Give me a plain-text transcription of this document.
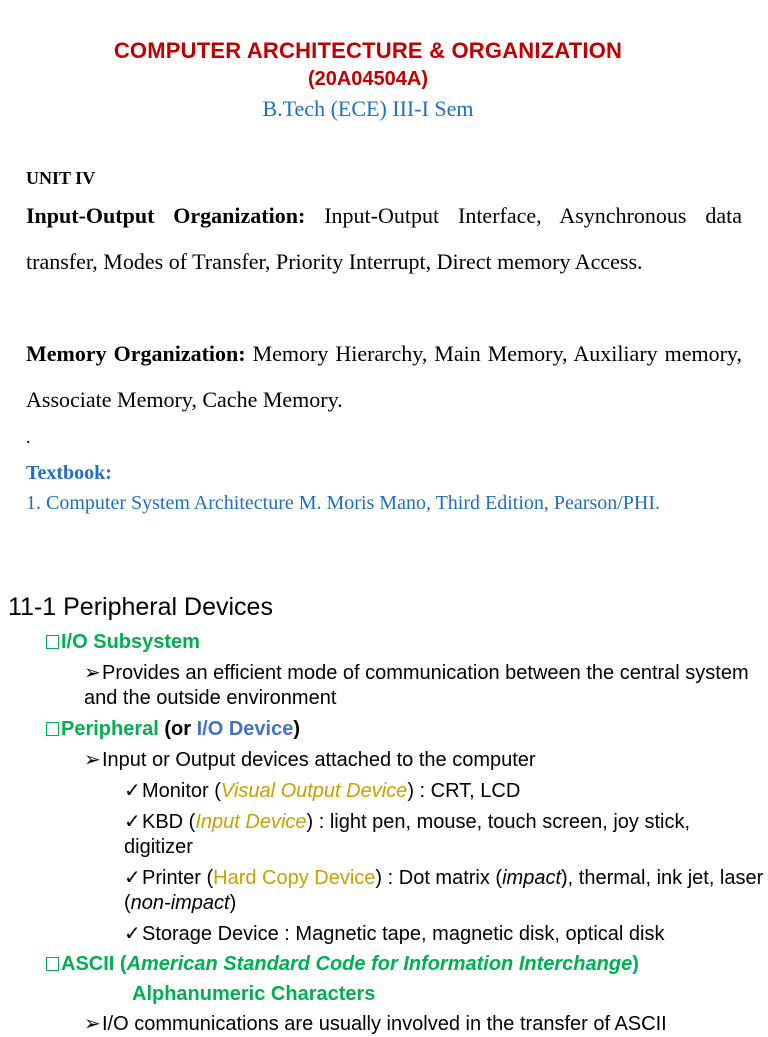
COMPUTER ARCHITECTURE & ORGANIZATION
(20A04504A)
B.Tech (ECE) III-I Sem
UNIT IV
Input-Output Organization: Input-Output Interface, Asynchronous data transfer, Modes of Transfer, Priority Interrupt, Direct memory Access.
Memory Organization: Memory Hierarchy, Main Memory, Auxiliary memory, Associate Memory, Cache Memory.
.
Textbook:
1. Computer System Architecture M. Moris Mano, Third Edition, Pearson/PHI.
11-1 Peripheral Devices
I/O Subsystem
➢Provides an efficient mode of communication between the central system and the outside environment
Peripheral (or I/O Device)
➢Input or Output devices attached to the computer
✓Monitor (Visual Output Device) : CRT, LCD
✓KBD (Input Device) : light pen, mouse, touch screen, joy stick, digitizer
✓Printer (Hard Copy Device) : Dot matrix (impact), thermal, ink jet, laser (non-impact)
✓Storage Device : Magnetic tape, magnetic disk, optical disk
ASCII (American Standard Code for Information Interchange)
Alphanumeric Characters
➢I/O communications are usually involved in the transfer of ASCII
